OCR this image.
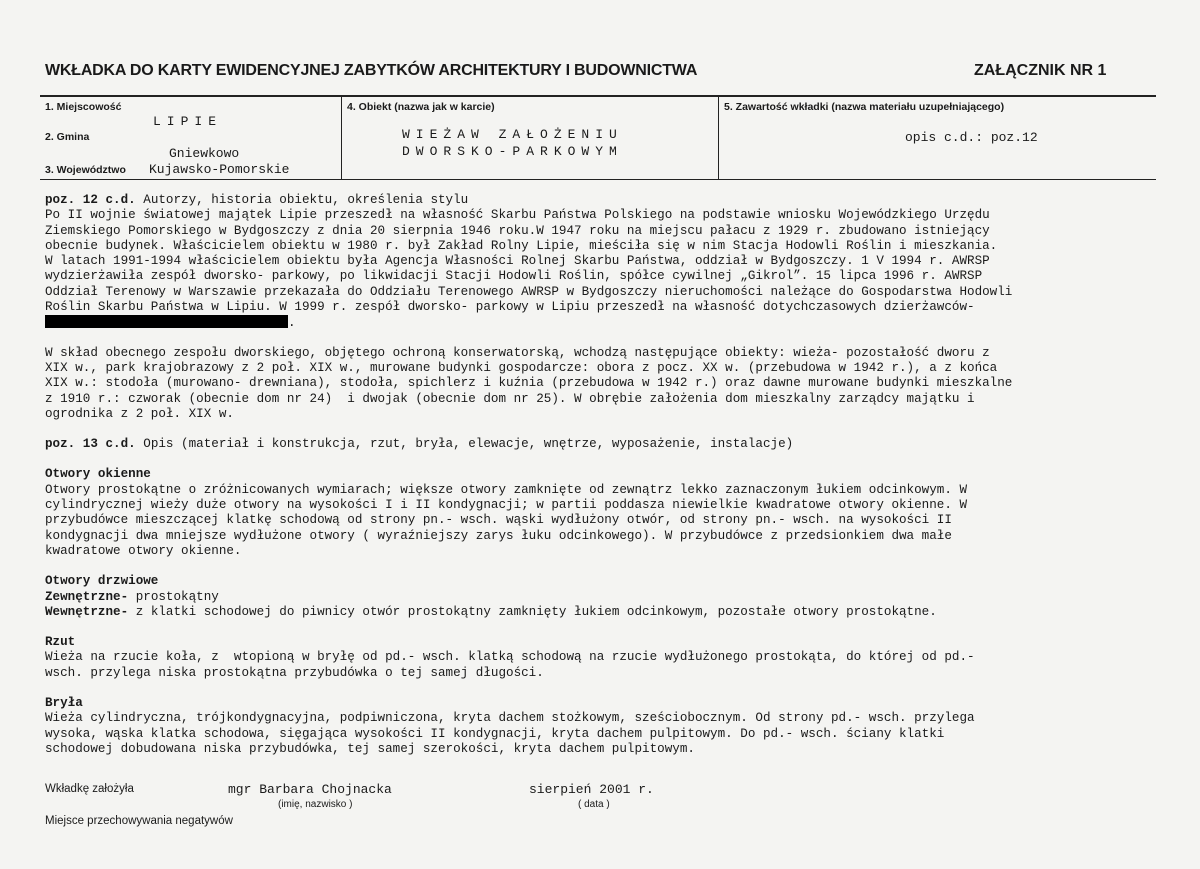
WKŁADKA DO KARTY EWIDENCYJNEJ ZABYTKÓW ARCHITEKTURY I BUDOWNICTWA	ZAŁĄCZNIK NR 1
1. Miejscowość
LIPIE
2. Gmina
Gniewkowo
3. Województwo Kujawsko-Pomorskie
4. Obiekt (nazwa jak w karcie)
WIEŻAW ZAŁOŻENIU
DWORSKO-PARKOWYM
5. Zawartość wkładki (nazwa materiału uzupełniającego)
opis c.d.: poz.12
poz. 12 c.d. Autorzy, historia obiektu, określenia stylu
Po II wojnie światowej majątek Lipie przeszedł na własność Skarbu Państwa Polskiego na podstawie wniosku Wojewódzkiego Urzędu
Ziemskiego Pomorskiego w Bydgoszczy z dnia 20 sierpnia 1946 roku.W 1947 roku na miejscu pałacu z 1929 r. zbudowano istniejący
obecnie budynek. Właścicielem obiektu w 1980 r. był Zakład Rolny Lipie, mieściła się w nim Stacja Hodowli Roślin i mieszkania.
W latach 1991-1994 właścicielem obiektu była Agencja Własności Rolnej Skarbu Państwa, oddział w Bydgoszczy. 1 V 1994 r. AWRSP
wydzierżawiła zespół dworsko- parkowy, po likwidacji Stacji Hodowli Roślin, spółce cywilnej „Gikrol”. 15 lipca 1996 r. AWRSP
Oddział Terenowy w Warszawie przekazała do Oddziału Terenowego AWRSP w Bydgoszczy nieruchomości należące do Gospodarstwa Hodowli
Roślin Skarbu Państwa w Lipiu. W 1999 r. zespół dworsko- parkowy w Lipiu przeszedł na własność dotychczasowych dzierżawców-
.
W skład obecnego zespołu dworskiego, objętego ochroną konserwatorską, wchodzą następujące obiekty: wieża- pozostałość dworu z
XIX w., park krajobrazowy z 2 poł. XIX w., murowane budynki gospodarcze: obora z pocz. XX w. (przebudowa w 1942 r.), a z końca
XIX w.: stodoła (murowano- drewniana), stodoła, spichlerz i kuźnia (przebudowa w 1942 r.) oraz dawne murowane budynki mieszkalne
z 1910 r.: czworak (obecnie dom nr 24)  i dwojak (obecnie dom nr 25). W obrębie założenia dom mieszkalny zarządcy majątku i
ogrodnika z 2 poł. XIX w.
poz. 13 c.d. Opis (materiał i konstrukcja, rzut, bryła, elewacje, wnętrze, wyposażenie, instalacje)
Otwory okienne
Otwory prostokątne o zróżnicowanych wymiarach; większe otwory zamknięte od zewnątrz lekko zaznaczonym łukiem odcinkowym. W
cylindrycznej wieży duże otwory na wysokości I i II kondygnacji; w partii poddasza niewielkie kwadratowe otwory okienne. W
przybudówce mieszczącej klatkę schodową od strony pn.- wsch. wąski wydłużony otwór, od strony pn.- wsch. na wysokości II
kondygnacji dwa mniejsze wydłużone otwory ( wyraźniejszy zarys łuku odcinkowego). W przybudówce z przedsionkiem dwa małe
kwadratowe otwory okienne.
Otwory drzwiowe
Zewnętrzne- prostokątny
Wewnętrzne- z klatki schodowej do piwnicy otwór prostokątny zamknięty łukiem odcinkowym, pozostałe otwory prostokątne.
Rzut
Wieża na rzucie koła, z  wtopioną w bryłę od pd.- wsch. klatką schodową na rzucie wydłużonego prostokąta, do której od pd.-
wsch. przylega niska prostokątna przybudówka o tej samej długości.
Bryła
Wieża cylindryczna, trójkondygnacyjna, podpiwniczona, kryta dachem stożkowym, sześciobocznym. Od strony pd.- wsch. przylega
wysoka, wąska klatka schodowa, sięgająca wysokości II kondygnacji, kryta dachem pulpitowym. Do pd.- wsch. ściany klatki
schodowej dobudowana niska przybudówka, tej samej szerokości, kryta dachem pulpitowym.
Wkładkę założyła	mgr Barbara Chojnacka
(imię, nazwisko )
sierpień 2001 r.
( data )
Miejsce przechowywania negatywów
